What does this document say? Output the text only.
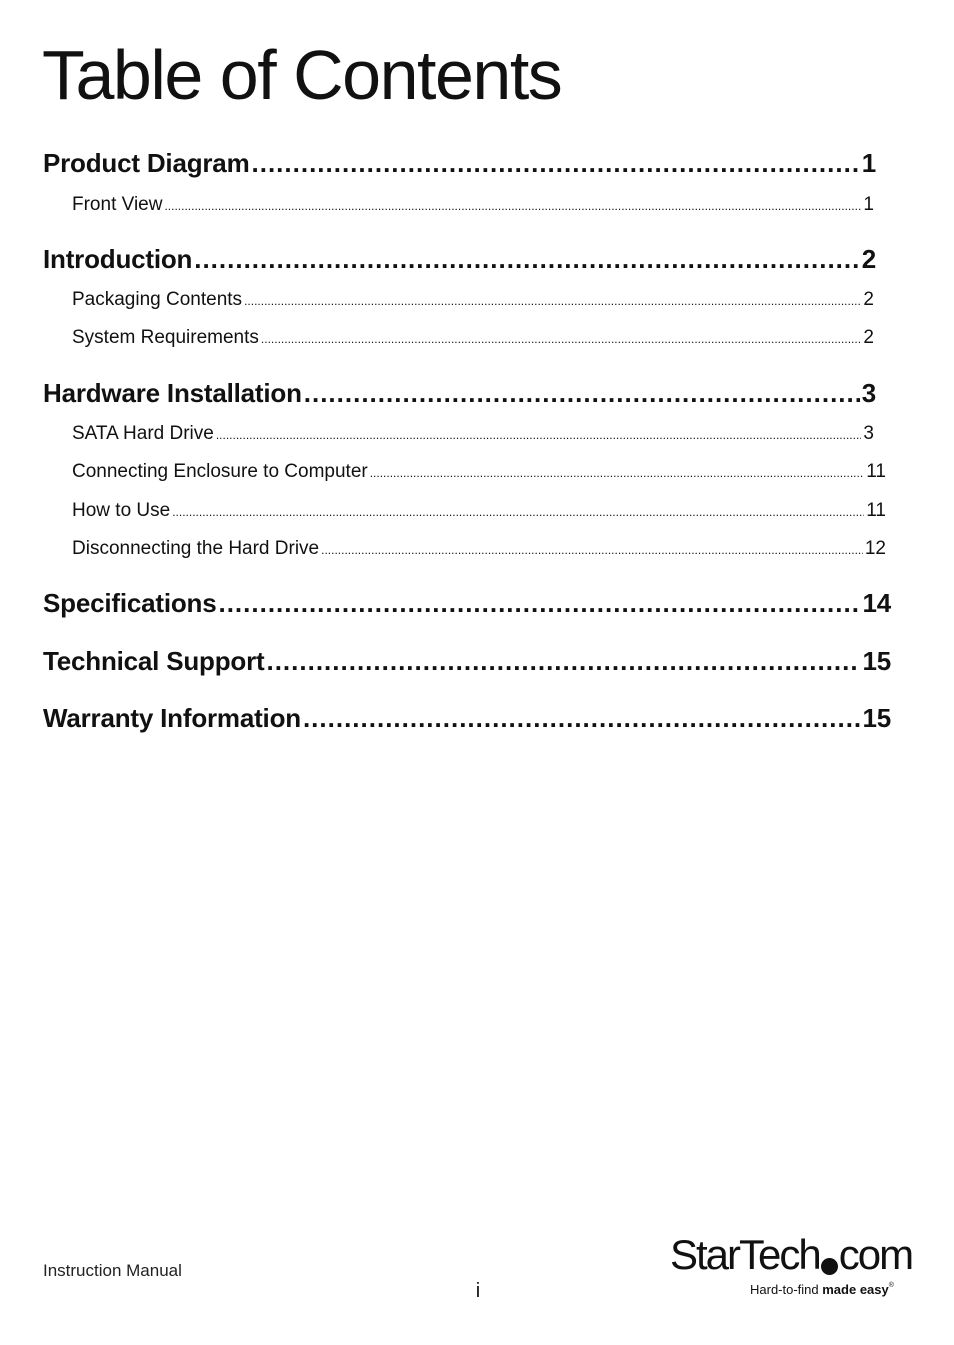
Table of Contents
Product Diagram .....	1
Front View .....	1
Introduction .....	2
Packaging Contents .....	2
System Requirements .....	2
Hardware Installation .....	3
SATA Hard Drive .....	3
Connecting Enclosure to Computer .....	11
How to Use .....	11
Disconnecting the Hard Drive .....	12
Specifications .....	14
Technical Support .....	15
Warranty Information .....	15
Instruction Manual
i
StarTech com
Hard-to-find made easy®
